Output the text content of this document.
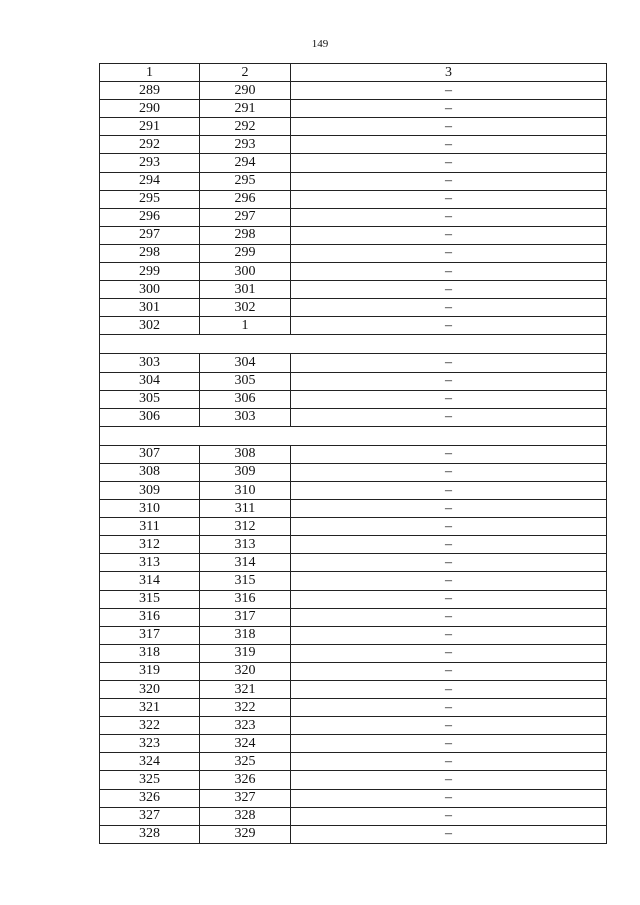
149
1	2	3
289	290	–
290	291	–
291	292	–
292	293	–
293	294	–
294	295	–
295	296	–
296	297	–
297	298	–
298	299	–
299	300	–
300	301	–
301	302	–
302	1	–

303	304	–
304	305	–
305	306	–
306	303	–

307	308	–
308	309	–
309	310	–
310	311	–
311	312	–
312	313	–
313	314	–
314	315	–
315	316	–
316	317	–
317	318	–
318	319	–
319	320	–
320	321	–
321	322	–
322	323	–
323	324	–
324	325	–
325	326	–
326	327	–
327	328	–
328	329	–
